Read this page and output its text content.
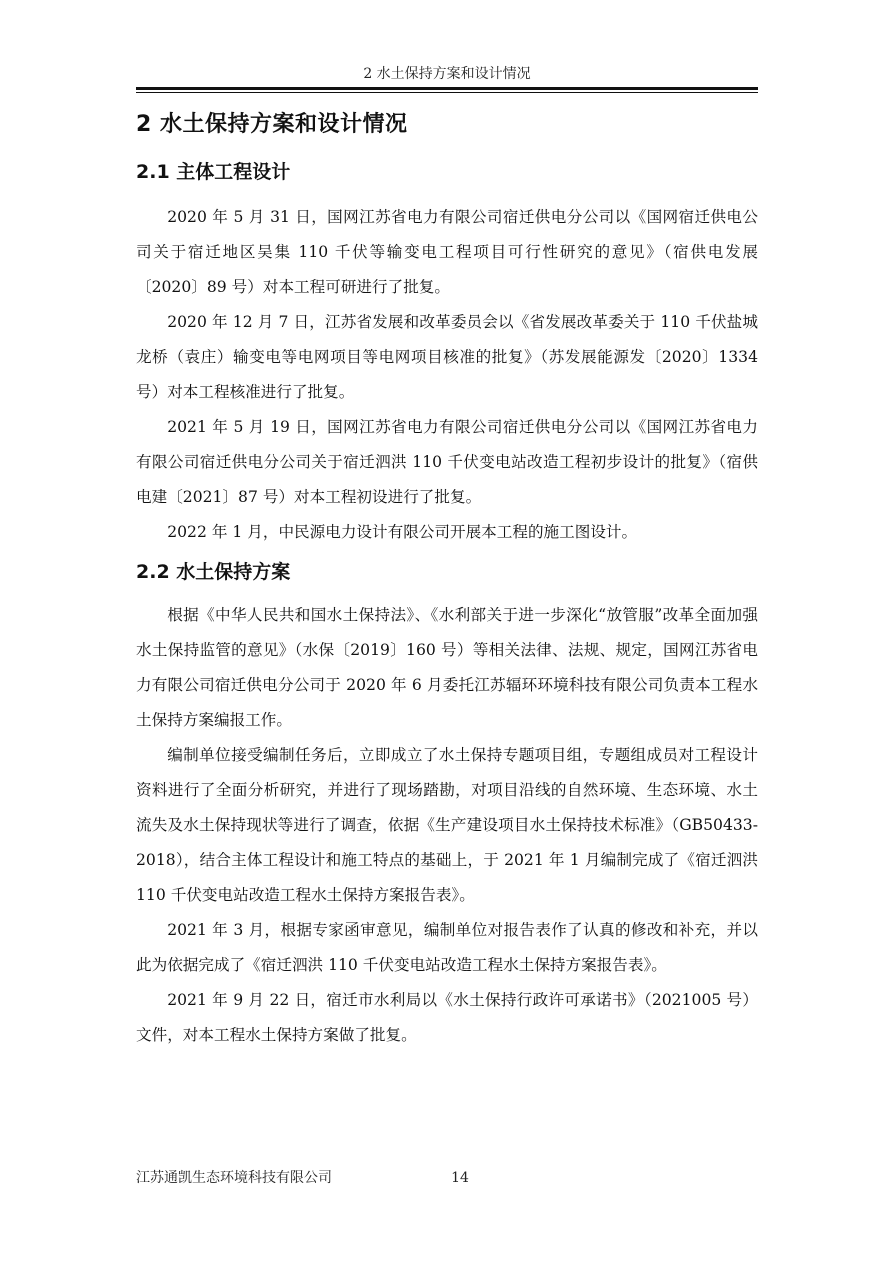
2 水土保持方案和设计情况
2 水土保持方案和设计情况
2.1 主体工程设计

2020 年 5 月 31 日，国网江苏省电力有限公司宿迁供电分公司以《国网宿迁供电公司关于宿迁地区吴集 110 千伏等输变电工程项目可行性研究的意见》（宿供电发展〔2020〕89 号）对本工程可研进行了批复。

2020 年 12 月 7 日，江苏省发展和改革委员会以《省发展改革委关于 110 千伏盐城龙桥（袁庄）输变电等电网项目等电网项目核准的批复》（苏发展能源发〔2020〕1334 号）对本工程核准进行了批复。

2021 年 5 月 19 日，国网江苏省电力有限公司宿迁供电分公司以《国网江苏省电力有限公司宿迁供电分公司关于宿迁泗洪 110 千伏变电站改造工程初步设计的批复》（宿供电建〔2021〕87 号）对本工程初设进行了批复。

2022 年 1 月，中民源电力设计有限公司开展本工程的施工图设计。

2.2 水土保持方案

根据《中华人民共和国水土保持法》、《水利部关于进一步深化“放管服”改革全面加强水土保持监管的意见》（水保〔2019〕160 号）等相关法律、法规、规定，国网江苏省电力有限公司宿迁供电分公司于 2020 年 6 月委托江苏辐环环境科技有限公司负责本工程水土保持方案编报工作。

编制单位接受编制任务后，立即成立了水土保持专题项目组，专题组成员对工程设计资料进行了全面分析研究，并进行了现场踏勘，对项目沿线的自然环境、生态环境、水土流失及水土保持现状等进行了调查，依据《生产建设项目水土保持技术标准》（GB50433-2018），结合主体工程设计和施工特点的基础上，于 2021 年 1 月编制完成了《宿迁泗洪 110 千伏变电站改造工程水土保持方案报告表》。

2021 年 3 月，根据专家函审意见，编制单位对报告表作了认真的修改和补充，并以此为依据完成了《宿迁泗洪 110 千伏变电站改造工程水土保持方案报告表》。

2021 年 9 月 22 日，宿迁市水利局以《水土保持行政许可承诺书》（2021005 号）文件，对本工程水土保持方案做了批复。

江苏通凯生态环境科技有限公司	14
